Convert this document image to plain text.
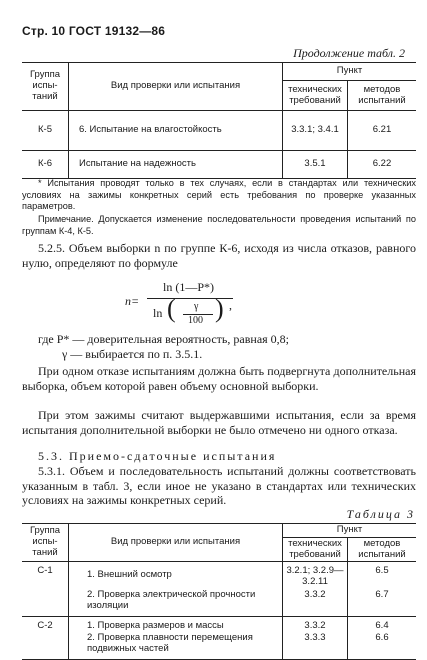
Стр. 10 ГОСТ 19132—86
Продолжение табл. 2
Группа испы-таний	Вид проверки или испытания	Пункт	
		технических требований	методов испытаний
К-5	6. Испытание на влагостойкость	3.3.1; 3.4.1	6.21
К-6	Испытание на надежность	3.5.1	6.22
* Испытания проводят только в тех случаях, если в стандартах или технических условиях на зажимы конкретных серий есть требования по проверке указанных параметров.
Примечание. Допускается изменение последовательности проведения испытаний по группам К-4, К-5.
5.2.5. Объем выборки n по группе К-6, исходя из числа отказов, равного нулю, определяют по формуле
n=
ln (1—P*)
ln ( γ
100 ) ,
где P* — доверительная вероятность, равная 0,8;
γ — выбирается по п. 3.5.1.
При одном отказе испытаниям должна быть подвергнута дополнительная выборка, объем которой равен объему основной выборки.
При этом зажимы считают выдержавшими испытания, если за время испытания дополнительной выборки не было отмечено ни одного отказа.
5.3. Приемо-сдаточные испытания
5.3.1. Объем и последовательность испытаний должны соответствовать указанным в табл. 3, если иное не указано в стандартах или технических условиях на зажимы конкретных серий.
Таблица 3
Группа испы-таний	Вид проверки или испытания	Пункт	
		технических требований	методов испытаний
С-1	1. Внешний осмотр	3.2.1; 3.2.9—3.2.11	6.5
	2. Проверка электрической прочности изоляции	3.3.2	6.7
С-2	1. Проверка размеров и массы	3.3.2	6.4
	2. Проверка плавности перемещения подвижных частей	3.3.3	6.6
